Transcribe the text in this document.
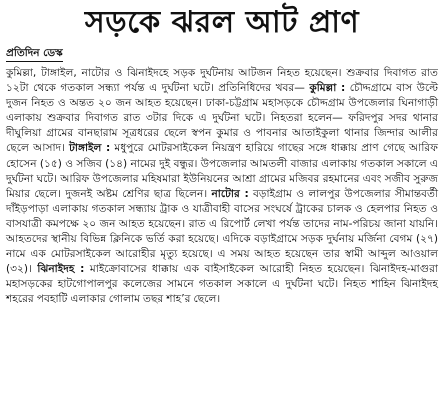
সড়কে ঝরল আট প্রাণ
প্রতিদিন ডেস্ক

কুমিল্লা, টাঙ্গাইল, নাটোর ও ঝিনাইদহে সড়ক দুর্ঘটনায় আটজন নিহত হয়েছেন। শুক্রবার দিবাগত রাত ১২টা থেকে গতকাল সন্ধ্যা পর্যন্ত এ দুর্ঘটনা ঘটে। প্রতিনিধিদের খবর— কুমিল্লা : চৌদ্দগ্রামে বাস উল্টে দুজন নিহত ও অন্তত ২০ জন আহত হয়েছেন। ঢাকা-চট্টগ্রাম মহাসড়কে চৌদ্দগ্রাম উপজেলার ঘিনাগাড়ী এলাকায় শুক্রবার দিবাগত রাত ৩টার দিকে এ দুর্ঘটনা ঘটে। নিহতরা হলেন— ফরিদপুর সদর থানার দীঘুলিয়া গ্রামের বানছারাম সূত্রধরের ছেলে স্বপন কুমার ও পাবনার আতাইকুলা থানার জিন্দার আলীর ছেলে আসাদ। টাঙ্গাইল : মধুপুরে মোটরসাইকেল নিয়ন্ত্রণ হারিয়ে গাছের সঙ্গে ধাক্কায় প্রাণ গেছে আরিফ হোসেন (১৫) ও সজিব (১৪) নামের দুই বন্ধুর। উপজেলার আমতলী বাজার এলাকায় গতকাল সকালে এ দুর্ঘটনা ঘটে। আরিফ উপজেলার মহিষমারা ইউনিয়নের আশ্রা গ্রামের মজিবর রহমানের এবং সজীব সুরুজ মিয়ার ছেলে। দুজনই অষ্টম শ্রেণির ছাত্র ছিলেন। নাটোর : বড়াইগ্রাম ও লালপুর উপজেলার সীমান্তবর্তী দাঁইড়পাড়া এলাকায় গতকাল সন্ধ্যায় ট্রাক ও যাত্রীবাহী বাসের সংঘর্ষে ট্রাকের চালক ও হেলপার নিহত ও বাসযাত্রী কমপক্ষে ২০ জন আহত হয়েছেন। রাত এ রিপোর্ট লেখা পর্যন্ত তাদের নাম-পরিচয় জানা যায়নি। আহতদের স্থানীয় বিভিন্ন ক্লিনিকে ভর্তি করা হয়েছে। এদিকে বড়াইগ্রামে সড়ক দুর্ঘনায় মর্জিনা বেগম (২৭) নামে এক মোটরসাইকেল আরোহীর মৃত্যু হয়েছে। এ সময় আহত হয়েছেন তার স্বামী আব্দুল আওয়াল (৩২)। ঝিনাইদহ : মাইক্রোবাসের ধাক্কায় এক বাইসাইকেল আরোহী নিহত হয়েছেন। ঝিনাইদহ-মাগুরা মহাসড়কের হাটগোপালপুর কলেজের সামনে গতকাল সকালে এ দুর্ঘটনা ঘটে। নিহত শাহিন ঝিনাইদহ শহরের পবহাটি এলাকার গোলাম তছর শাহ’র ছেলে।
